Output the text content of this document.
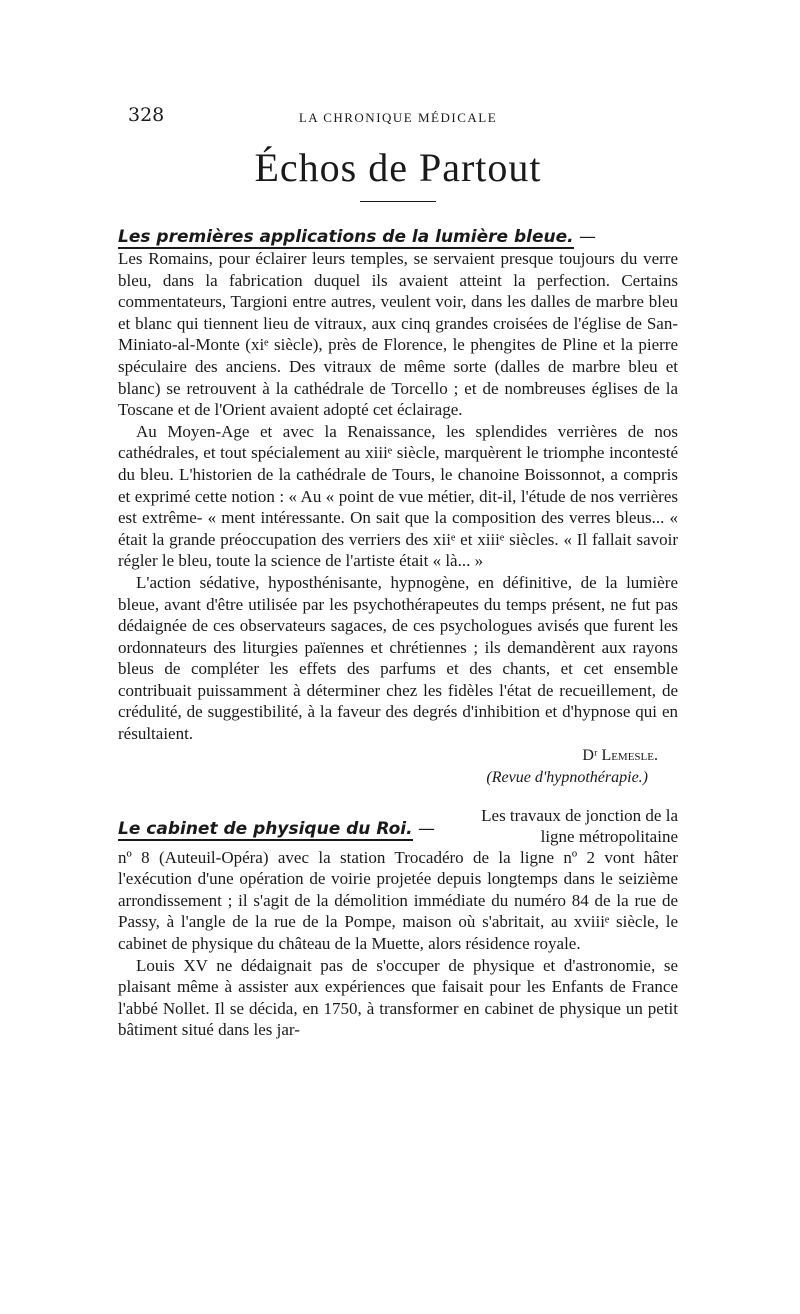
328	LA CHRONIQUE MÉDICALE
Échos de Partout
Les premières applications de la lumière bleue. —

Les Romains, pour éclairer leurs temples, se servaient presque toujours du verre bleu, dans la fabrication duquel ils avaient atteint la perfection. Certains commentateurs, Targioni entre autres, veulent voir, dans les dalles de marbre bleu et blanc qui tiennent lieu de vitraux, aux cinq grandes croisées de l'église de San-Miniato-al-Monte (xiᵉ siècle), près de Florence, le phengites de Pline et la pierre spéculaire des anciens. Des vitraux de même sorte (dalles de marbre bleu et blanc) se retrouvent à la cathédrale de Torcello ; et de nombreuses églises de la Toscane et de l'Orient avaient adopté cet éclairage.

Au Moyen-Age et avec la Renaissance, les splendides verrières de nos cathédrales, et tout spécialement au xiiiᵉ siècle, marquèrent le triomphe incontesté du bleu. L'historien de la cathédrale de Tours, le chanoine Boissonnot, a compris et exprimé cette notion : « Au « point de vue métier, dit-il, l'étude de nos verrières est extrême- « ment intéressante. On sait que la composition des verres bleus... « était la grande préoccupation des verriers des xiiᵉ et xiiiᵉ siècles. « Il fallait savoir régler le bleu, toute la science de l'artiste était « là... »

L'action sédative, hyposthénisante, hypnogène, en définitive, de la lumière bleue, avant d'être utilisée par les psychothérapeutes du temps présent, ne fut pas dédaignée de ces observateurs sagaces, de ces psychologues avisés que furent les ordonnateurs des liturgies païennes et chrétiennes ; ils demandèrent aux rayons bleus de compléter les effets des parfums et des chants, et cet ensemble contribuait puissamment à déterminer chez les fidèles l'état de recueillement, de crédulité, de suggestibilité, à la faveur des degrés d'inhibition et d'hypnose qui en résultaient.

Dʳ Lemesle.
(Revue d'hypnothérapie.)
Le cabinet de physique du Roi. —
Les travaux de jonction de la ligne métropolitaine

nº 8 (Auteuil-Opéra) avec la station Trocadéro de la ligne nº 2 vont hâter l'exécution d'une opération de voirie projetée depuis longtemps dans le seizième arrondissement ; il s'agit de la démolition immédiate du numéro 84 de la rue de Passy, à l'angle de la rue de la Pompe, maison où s'abritait, au xviiiᵉ siècle, le cabinet de physique du château de la Muette, alors résidence royale.

Louis XV ne dédaignait pas de s'occuper de physique et d'astronomie, se plaisant même à assister aux expériences que faisait pour les Enfants de France l'abbé Nollet. Il se décida, en 1750, à transformer en cabinet de physique un petit bâtiment situé dans les jar-
